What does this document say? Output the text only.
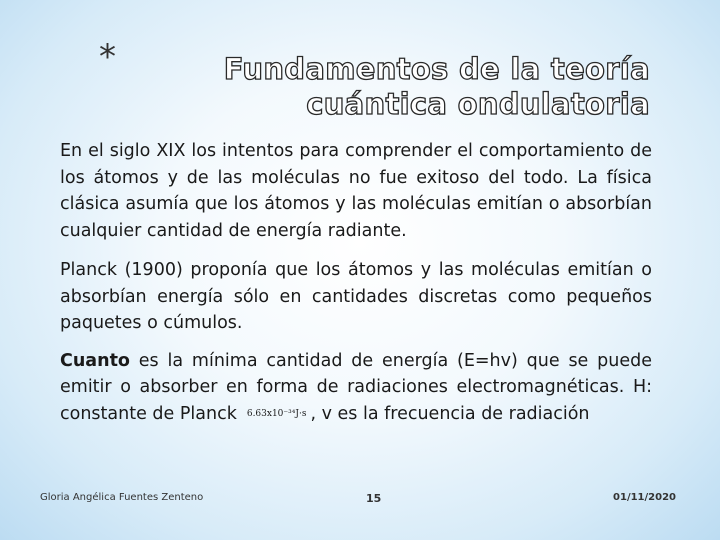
*	Fundamentos de la teoría cuántica ondulatoria

En el siglo XIX los intentos para comprender el comportamiento de los átomos y de las moléculas no fue exitoso del todo. La física clásica asumía que los átomos y las moléculas emitían o absorbían cualquier cantidad de energía radiante.

Planck (1900) proponía que los átomos y las moléculas emitían o absorbían energía sólo en cantidades discretas como pequeños paquetes o cúmulos.

Cuanto es la mínima cantidad de energía (E=hv) que se puede emitir o absorber en forma de radiaciones electromagnéticas. H: constante de Planck 6.63x10⁻³⁴J·s , v es la frecuencia de radiación

Gloria Angélica Fuentes Zenteno	15	01/11/2020
